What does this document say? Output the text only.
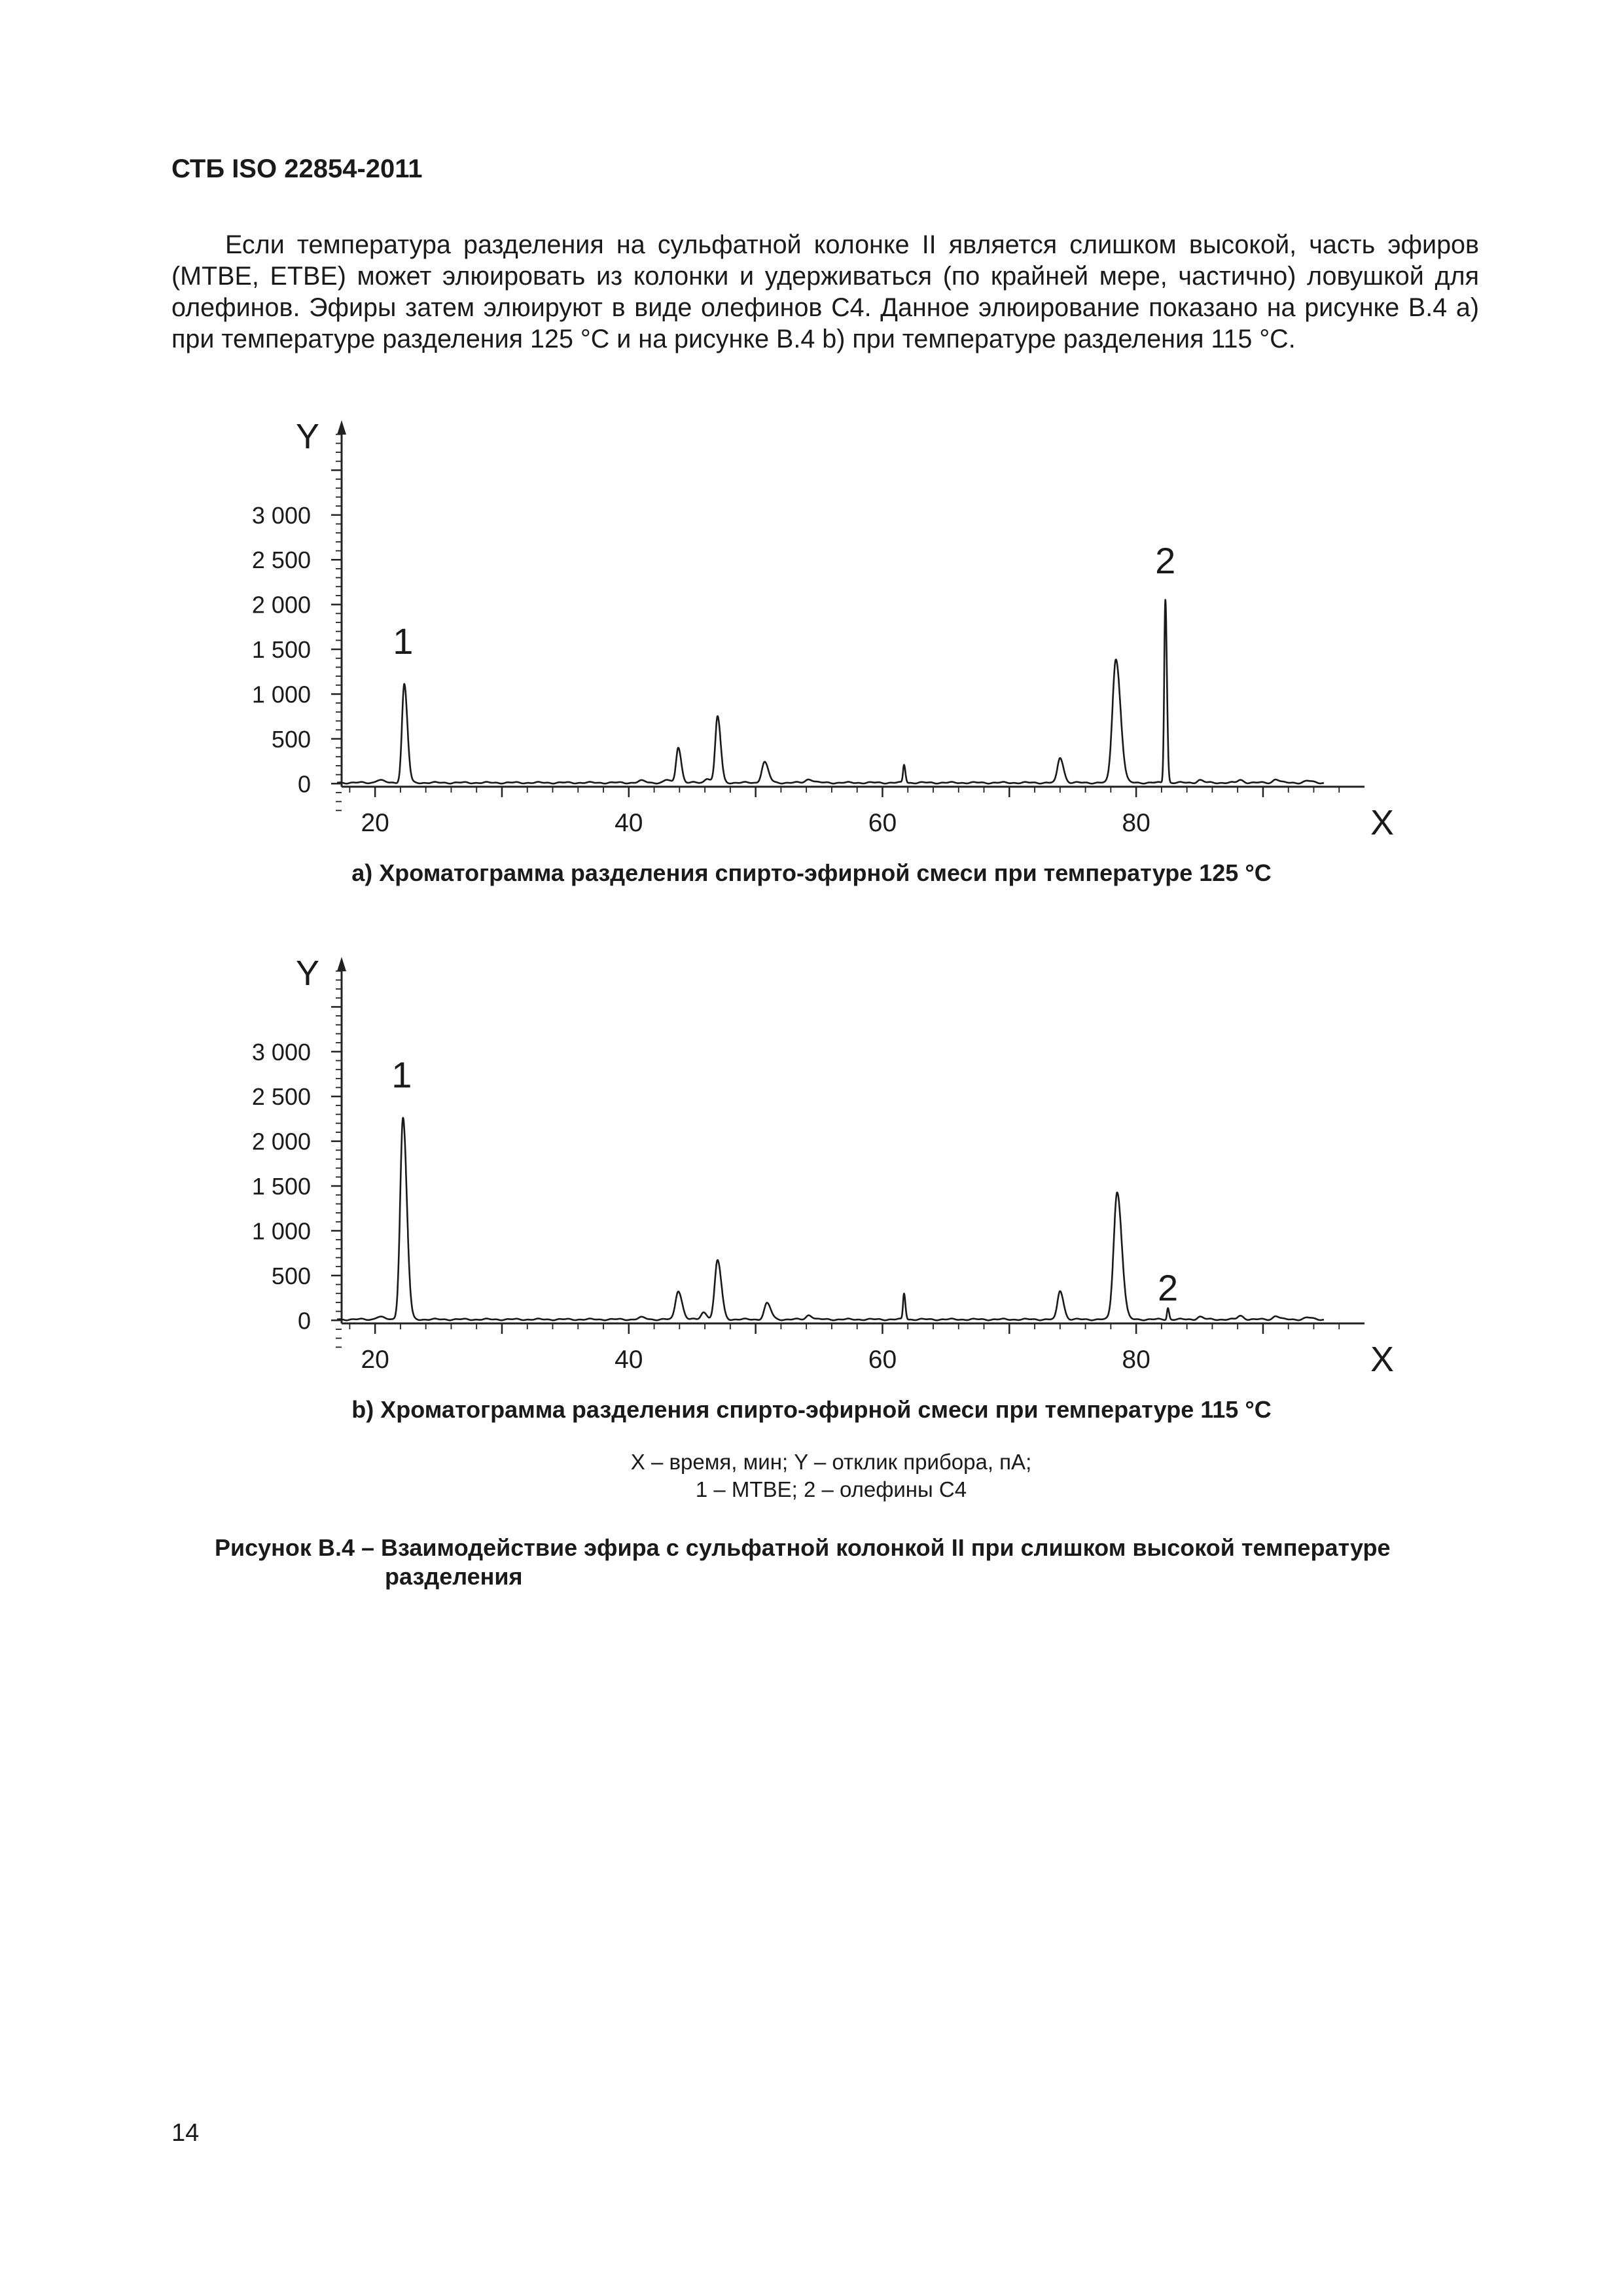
СТБ ISO 22854-2011

Если температура разделения на сульфатной колонке II является слишком высокой, часть эфиров (MTBE, ETBE) может элюировать из колонки и удерживаться (по крайней мере, частично) ловушкой для олефинов. Эфиры затем элюируют в виде олефинов C4. Данное элюирование показано на рисунке В.4 а) при температуре разделения 125 °С и на рисунке В.4 b) при температуре разделения 115 °С.

3 000
2 500
2 000
1 500
1 000
500
0
20	40	60	80
Y
X
1
2
a) Хроматограмма разделения спирто-эфирной смеси при температуре 125 °С
3 000
2 500
2 000
1 500
1 000
500
0
20	40	60	80
Y
X
1
2
b) Хроматограмма разделения спирто-эфирной смеси при температуре 115 °С
X – время, мин; Y – отклик прибора, пА;
1 – MTBE; 2 – олефины С4
Рисунок В.4 – Взаимодействие эфира с сульфатной колонкой II при слишком высокой температуре
разделения
14
